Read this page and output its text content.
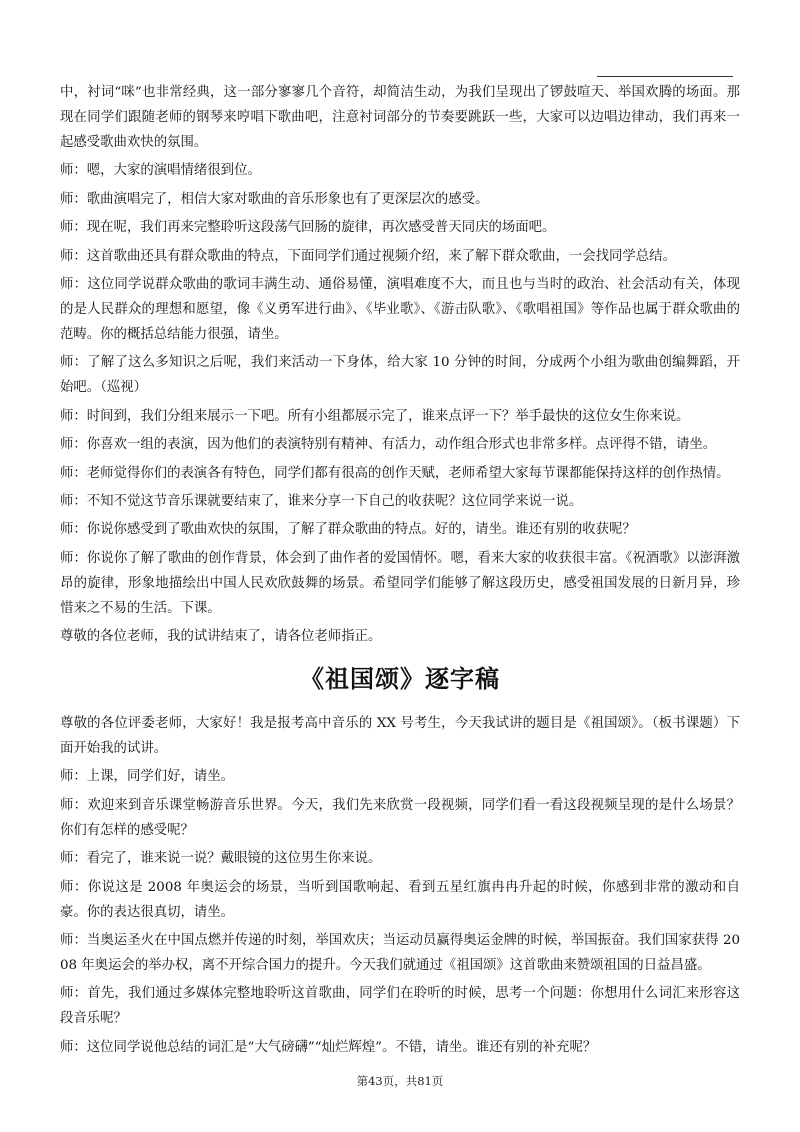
中，衬词“咪”也非常经典，这一部分寥寥几个音符，却简洁生动，为我们呈现出了锣鼓喧天、举国欢腾的场面。那现在同学们跟随老师的钢琴来哼唱下歌曲吧，注意衬词部分的节奏要跳跃一些，大家可以边唱边律动，我们再来一起感受歌曲欢快的氛围。

师：嗯，大家的演唱情绪很到位。

师：歌曲演唱完了，相信大家对歌曲的音乐形象也有了更深层次的感受。

师：现在呢，我们再来完整聆听这段荡气回肠的旋律，再次感受普天同庆的场面吧。

师：这首歌曲还具有群众歌曲的特点，下面同学们通过视频介绍，来了解下群众歌曲，一会找同学总结。

师：这位同学说群众歌曲的歌词丰满生动、通俗易懂，演唱难度不大，而且也与当时的政治、社会活动有关，体现的是人民群众的理想和愿望，像《义勇军进行曲》、《毕业歌》、《游击队歌》、《歌唱祖国》等作品也属于群众歌曲的范畴。你的概括总结能力很强，请坐。

师：了解了这么多知识之后呢，我们来活动一下身体，给大家 10 分钟的时间，分成两个小组为歌曲创编舞蹈，开始吧。（巡视）

师：时间到，我们分组来展示一下吧。所有小组都展示完了，谁来点评一下？举手最快的这位女生你来说。

师：你喜欢一组的表演，因为他们的表演特别有精神、有活力，动作组合形式也非常多样。点评得不错，请坐。

师：老师觉得你们的表演各有特色，同学们都有很高的创作天赋，老师希望大家每节课都能保持这样的创作热情。

师：不知不觉这节音乐课就要结束了，谁来分享一下自己的收获呢？这位同学来说一说。

师：你说你感受到了歌曲欢快的氛围，了解了群众歌曲的特点。好的，请坐。谁还有别的收获呢？

师：你说你了解了歌曲的创作背景，体会到了曲作者的爱国情怀。嗯，看来大家的收获很丰富。《祝酒歌》以澎湃激昂的旋律，形象地描绘出中国人民欢欣鼓舞的场景。希望同学们能够了解这段历史，感受祖国发展的日新月异，珍惜来之不易的生活。下课。

尊敬的各位老师，我的试讲结束了，请各位老师指正。

《祖国颂》逐字稿

尊敬的各位评委老师，大家好！我是报考高中音乐的 XX 号考生，今天我试讲的题目是《祖国颂》。（板书课题）下面开始我的试讲。

师：上课，同学们好，请坐。

师：欢迎来到音乐课堂畅游音乐世界。今天，我们先来欣赏一段视频，同学们看一看这段视频呈现的是什么场景？你们有怎样的感受呢？

师：看完了，谁来说一说？戴眼镜的这位男生你来说。

师：你说这是 2008 年奥运会的场景，当听到国歌响起、看到五星红旗冉冉升起的时候，你感到非常的激动和自豪。你的表达很真切，请坐。

师：当奥运圣火在中国点燃并传递的时刻，举国欢庆；当运动员赢得奥运金牌的时候，举国振奋。我们国家获得 2008 年奥运会的举办权，离不开综合国力的提升。今天我们就通过《祖国颂》这首歌曲来赞颂祖国的日益昌盛。

师：首先，我们通过多媒体完整地聆听这首歌曲，同学们在聆听的时候，思考一个问题：你想用什么词汇来形容这段音乐呢？

师：这位同学说他总结的词汇是“大气磅礴”“灿烂辉煌”。不错，请坐。谁还有别的补充呢？

第43页，共81页
